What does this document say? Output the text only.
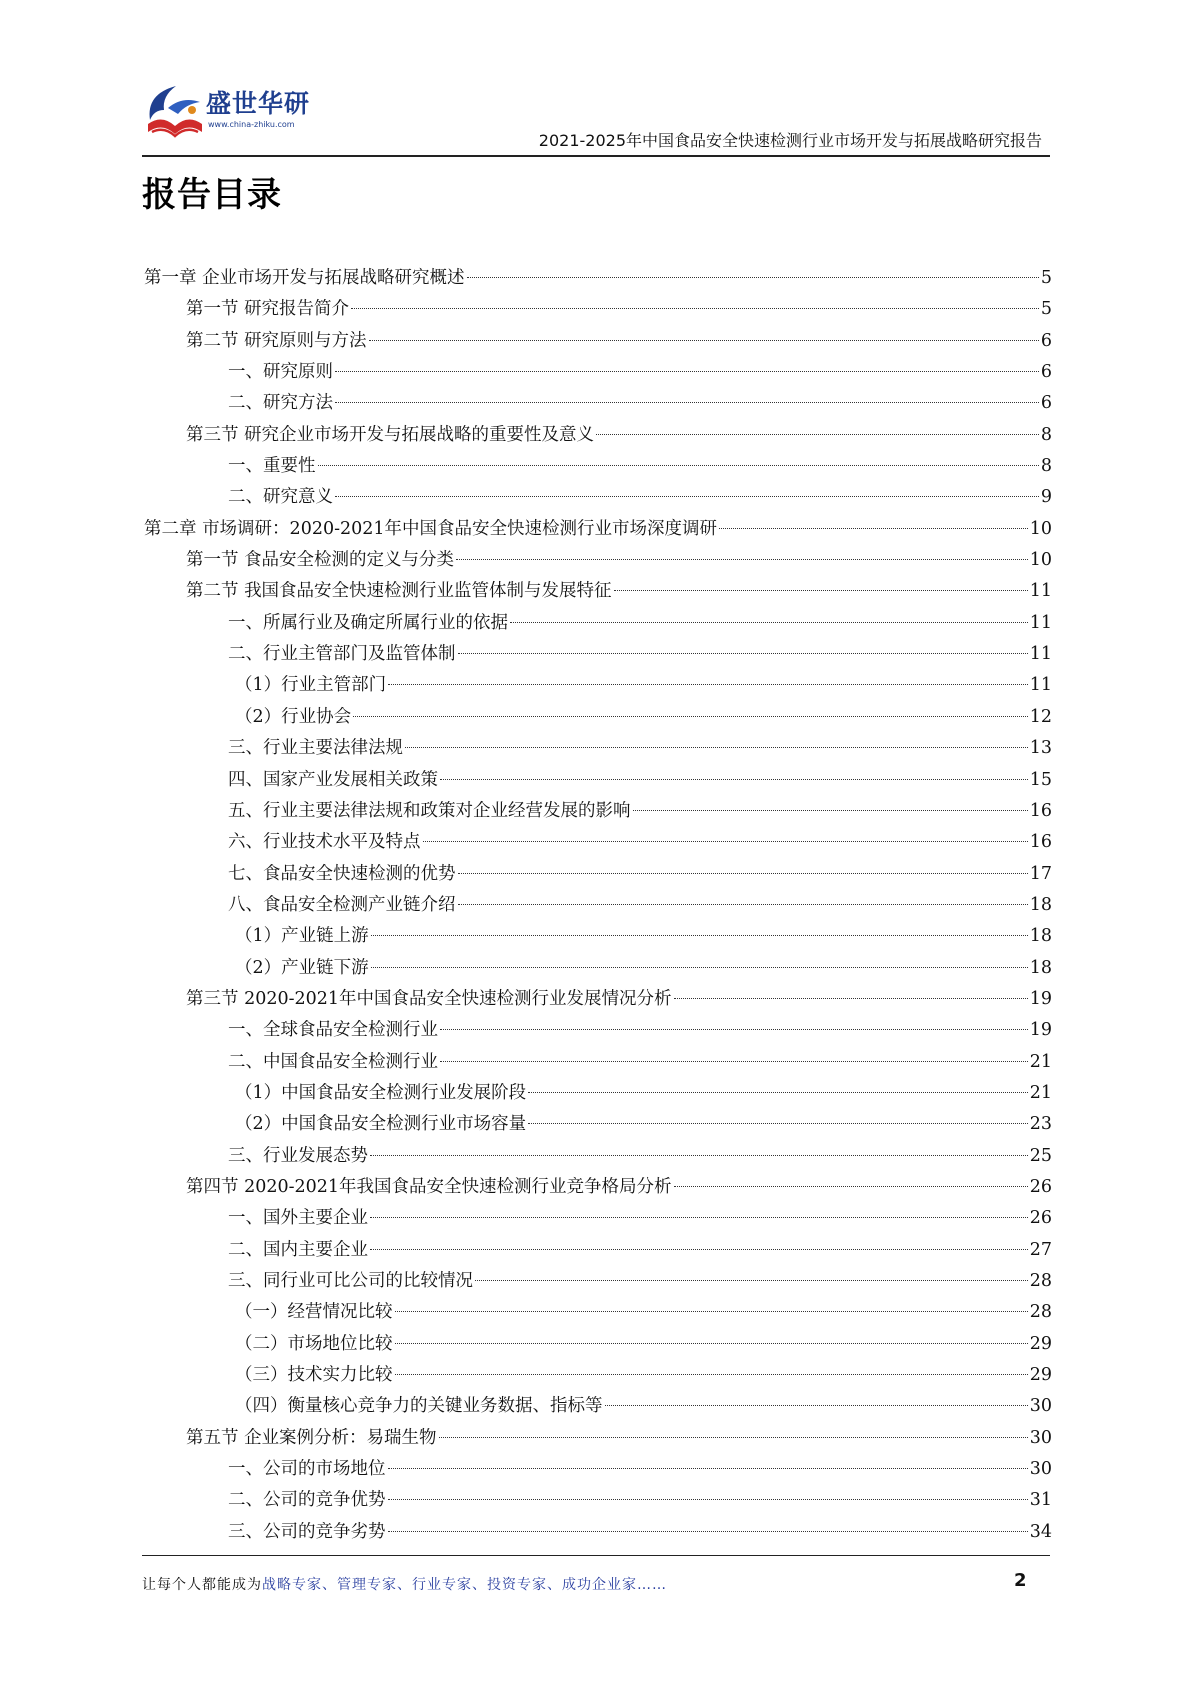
盛世华研
www.china-zhiku.com
2021-2025年中国食品安全快速检测行业市场开发与拓展战略研究报告
报告目录
第一章 企业市场开发与拓展战略研究概述	5
第一节 研究报告简介	5
第二节 研究原则与方法	6
一、研究原则	6
二、研究方法	6
第三节 研究企业市场开发与拓展战略的重要性及意义	8
一、重要性	8
二、研究意义	9
第二章 市场调研：2020-2021年中国食品安全快速检测行业市场深度调研	10
第一节 食品安全检测的定义与分类	10
第二节 我国食品安全快速检测行业监管体制与发展特征	11
一、所属行业及确定所属行业的依据	11
二、行业主管部门及监管体制	11
（1）行业主管部门	11
（2）行业协会	12
三、行业主要法律法规	13
四、国家产业发展相关政策	15
五、行业主要法律法规和政策对企业经营发展的影响	16
六、行业技术水平及特点	16
七、食品安全快速检测的优势	17
八、食品安全检测产业链介绍	18
（1）产业链上游	18
（2）产业链下游	18
第三节 2020-2021年中国食品安全快速检测行业发展情况分析	19
一、全球食品安全检测行业	19
二、中国食品安全检测行业	21
（1）中国食品安全检测行业发展阶段	21
（2）中国食品安全检测行业市场容量	23
三、行业发展态势	25
第四节 2020-2021年我国食品安全快速检测行业竞争格局分析	26
一、国外主要企业	26
二、国内主要企业	27
三、同行业可比公司的比较情况	28
（一）经营情况比较	28
（二）市场地位比较	29
（三）技术实力比较	29
（四）衡量核心竞争力的关键业务数据、指标等	30
第五节 企业案例分析：易瑞生物	30
一、公司的市场地位	30
二、公司的竞争优势	31
三、公司的竞争劣势	34
让每个人都能成为战略专家、管理专家、行业专家、投资专家、成功企业家……	2
